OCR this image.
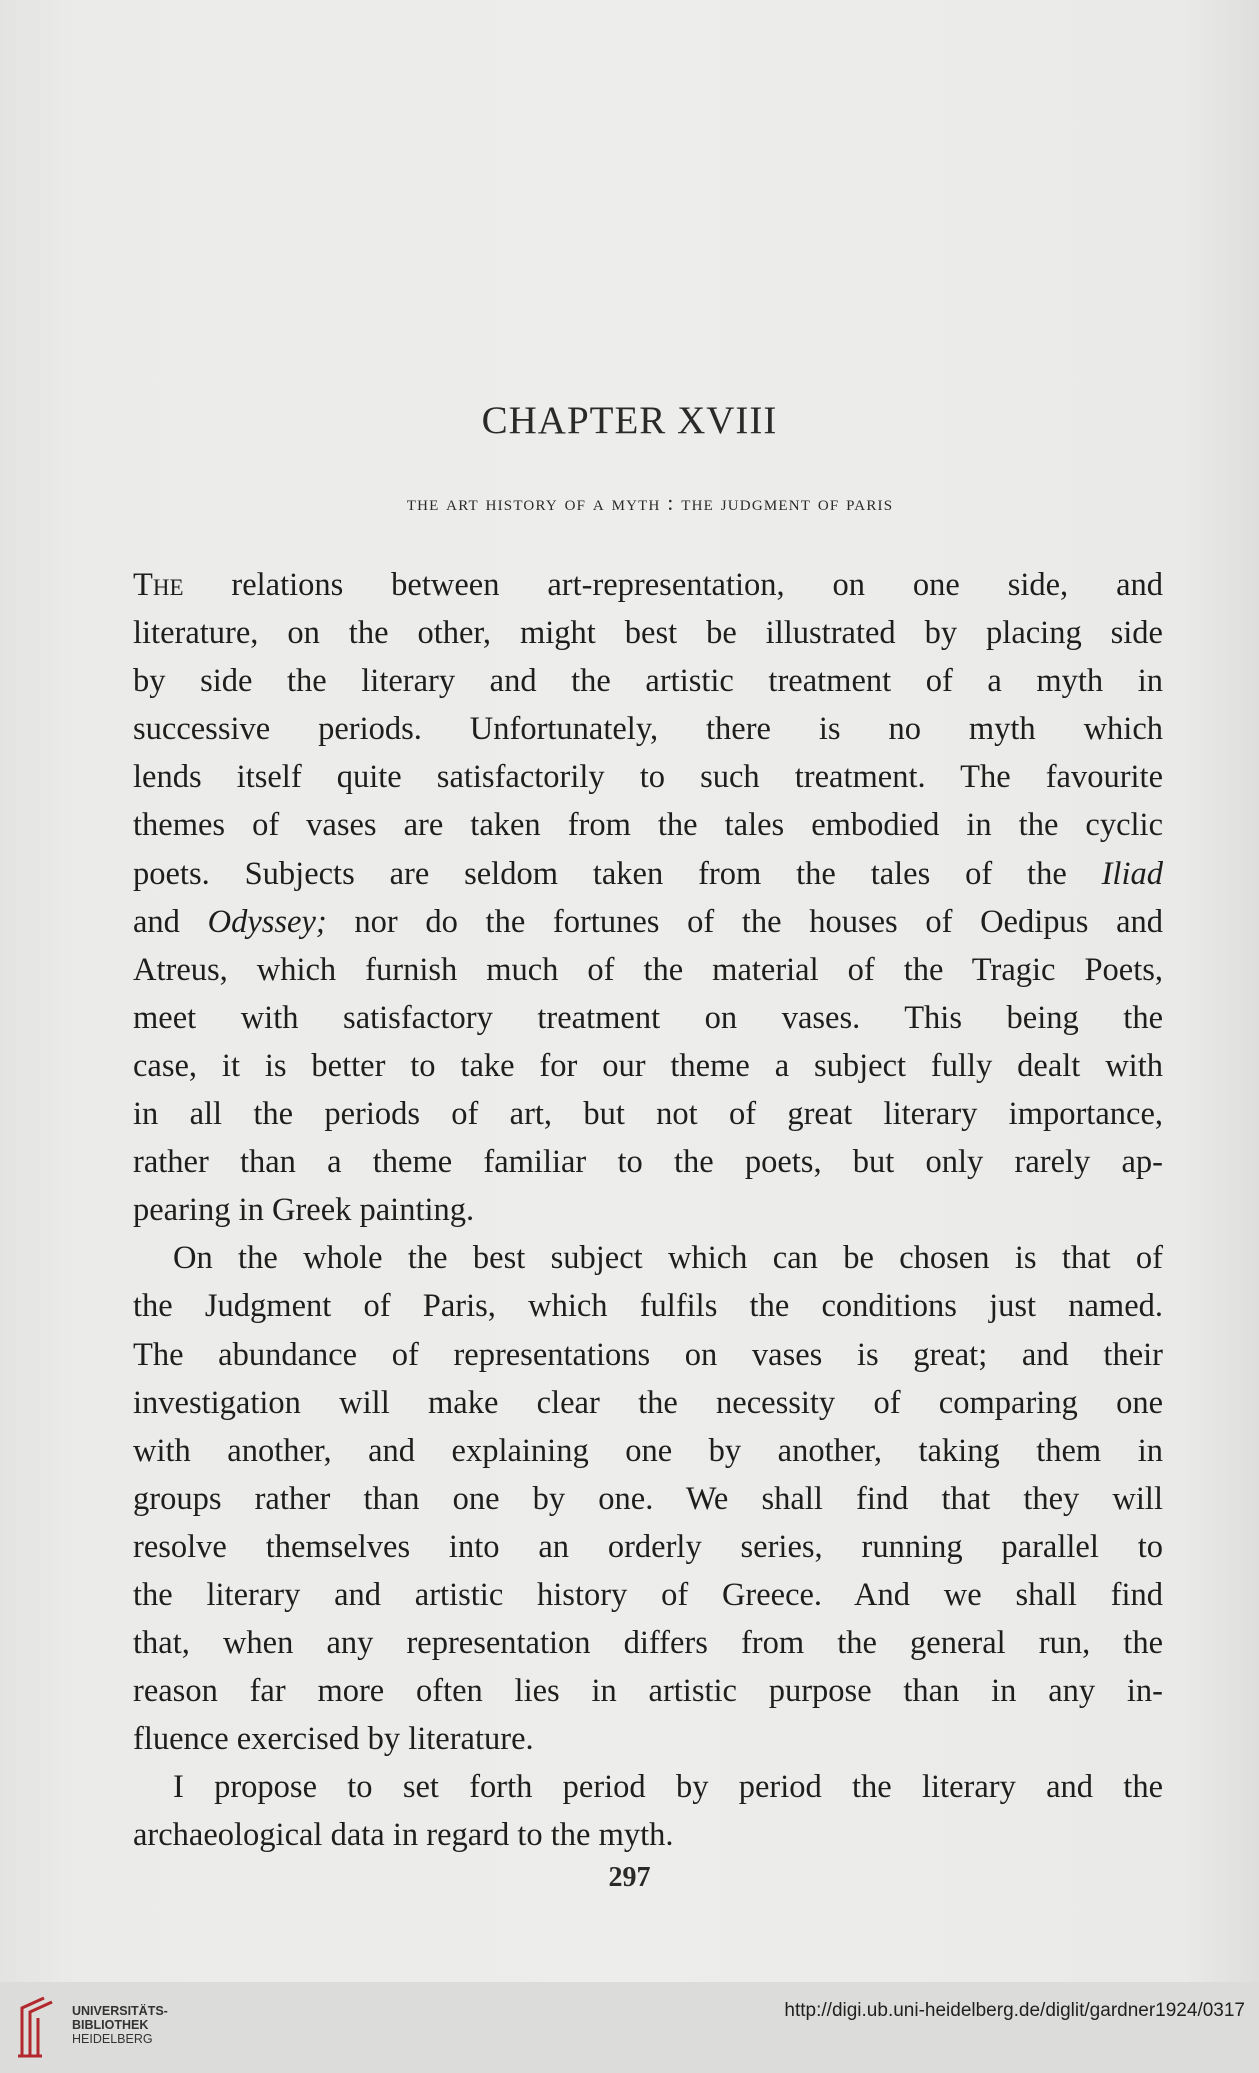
CHAPTER XVIII
the art history of a myth : the judgment of paris
The relations between art-representation, on one side, and
literature, on the other, might best be illustrated by placing side
by side the literary and the artistic treatment of a myth in
successive periods. Unfortunately, there is no myth which
lends itself quite satisfactorily to such treatment. The favourite
themes of vases are taken from the tales embodied in the cyclic
poets. Subjects are seldom taken from the tales of the Iliad
and Odyssey; nor do the fortunes of the houses of Oedipus and
Atreus, which furnish much of the material of the Tragic Poets,
meet with satisfactory treatment on vases. This being the
case, it is better to take for our theme a subject fully dealt with
in all the periods of art, but not of great literary importance,
rather than a theme familiar to the poets, but only rarely ap-
pearing in Greek painting.
On the whole the best subject which can be chosen is that of
the Judgment of Paris, which fulfils the conditions just named.
The abundance of representations on vases is great; and their
investigation will make clear the necessity of comparing one
with another, and explaining one by another, taking them in
groups rather than one by one. We shall find that they will
resolve themselves into an orderly series, running parallel to
the literary and artistic history of Greece. And we shall find
that, when any representation differs from the general run, the
reason far more often lies in artistic purpose than in any in-
fluence exercised by literature.
I propose to set forth period by period the literary and the
archaeological data in regard to the myth.
297
UNIVERSITÄTS-
BIBLIOTHEK
HEIDELBERG
http://digi.ub.uni-heidelberg.de/diglit/gardner1924/0317
